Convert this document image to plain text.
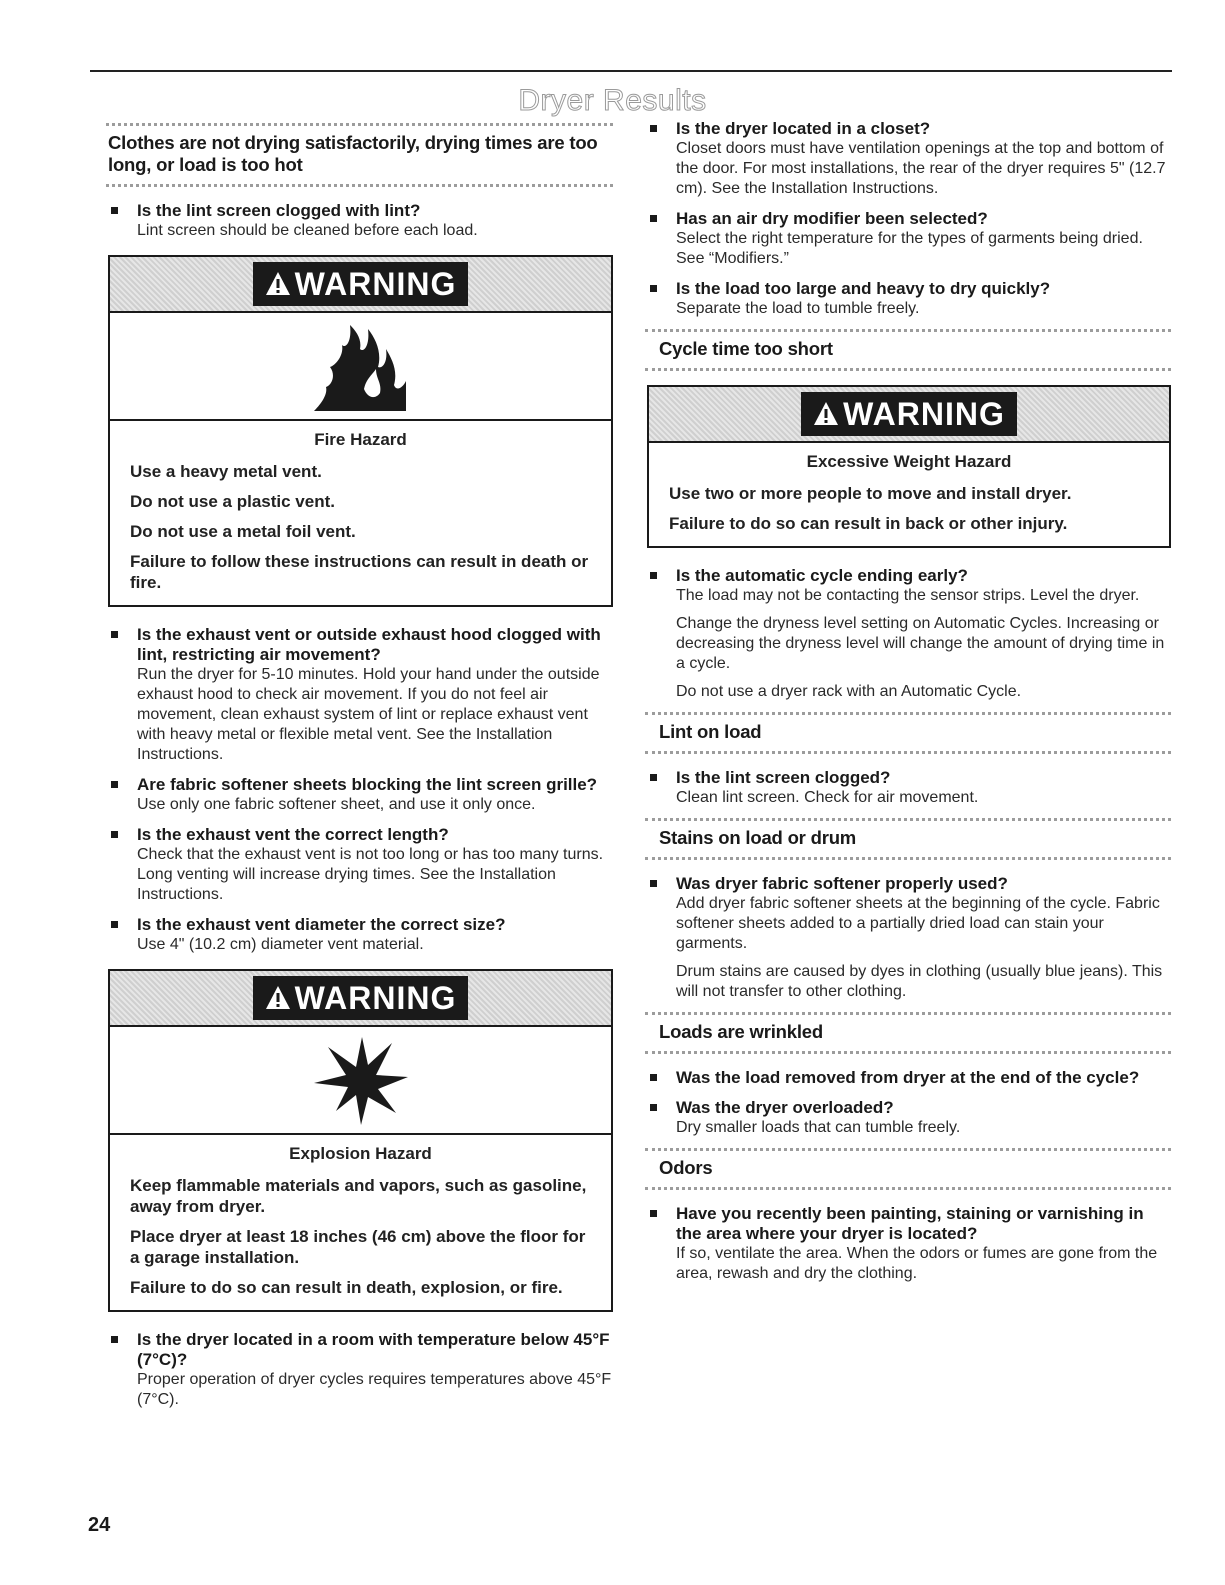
Dryer Results
Clothes are not drying satisfactorily, drying times are too long, or load is too hot
Is the lint screen clogged with lint?
Lint screen should be cleaned before each load.
WARNING
Fire Hazard
Use a heavy metal vent.
Do not use a plastic vent.
Do not use a metal foil vent.
Failure to follow these instructions can result in death or fire.
Is the exhaust vent or outside exhaust hood clogged with lint, restricting air movement?
Run the dryer for 5-10 minutes. Hold your hand under the outside exhaust hood to check air movement. If you do not feel air movement, clean exhaust system of lint or replace exhaust vent with heavy metal or flexible metal vent. See the Installation Instructions.
Are fabric softener sheets blocking the lint screen grille?
Use only one fabric softener sheet, and use it only once.
Is the exhaust vent the correct length?
Check that the exhaust vent is not too long or has too many turns. Long venting will increase drying times. See the Installation Instructions.
Is the exhaust vent diameter the correct size?
Use 4" (10.2 cm) diameter vent material.
WARNING
Explosion Hazard
Keep flammable materials and vapors, such as gasoline, away from dryer.
Place dryer at least 18 inches (46 cm) above the floor for a garage installation.
Failure to do so can result in death, explosion, or fire.
Is the dryer located in a room with temperature below 45°F (7°C)?
Proper operation of dryer cycles requires temperatures above 45°F (7°C).
Is the dryer located in a closet?
Closet doors must have ventilation openings at the top and bottom of the door. For most installations, the rear of the dryer requires 5" (12.7 cm). See the Installation Instructions.
Has an air dry modifier been selected?
Select the right temperature for the types of garments being dried. See “Modifiers.”
Is the load too large and heavy to dry quickly?
Separate the load to tumble freely.
Cycle time too short
WARNING
Excessive Weight Hazard
Use two or more people to move and install dryer.
Failure to do so can result in back or other injury.
Is the automatic cycle ending early?
The load may not be contacting the sensor strips. Level the dryer.
Change the dryness level setting on Automatic Cycles. Increasing or decreasing the dryness level will change the amount of drying time in a cycle.
Do not use a dryer rack with an Automatic Cycle.
Lint on load
Is the lint screen clogged?
Clean lint screen. Check for air movement.
Stains on load or drum
Was dryer fabric softener properly used?
Add dryer fabric softener sheets at the beginning of the cycle. Fabric softener sheets added to a partially dried load can stain your garments.
Drum stains are caused by dyes in clothing (usually blue jeans). This will not transfer to other clothing.
Loads are wrinkled
Was the load removed from dryer at the end of the cycle?
Was the dryer overloaded?
Dry smaller loads that can tumble freely.
Odors
Have you recently been painting, staining or varnishing in the area where your dryer is located?
If so, ventilate the area. When the odors or fumes are gone from the area, rewash and dry the clothing.
24
